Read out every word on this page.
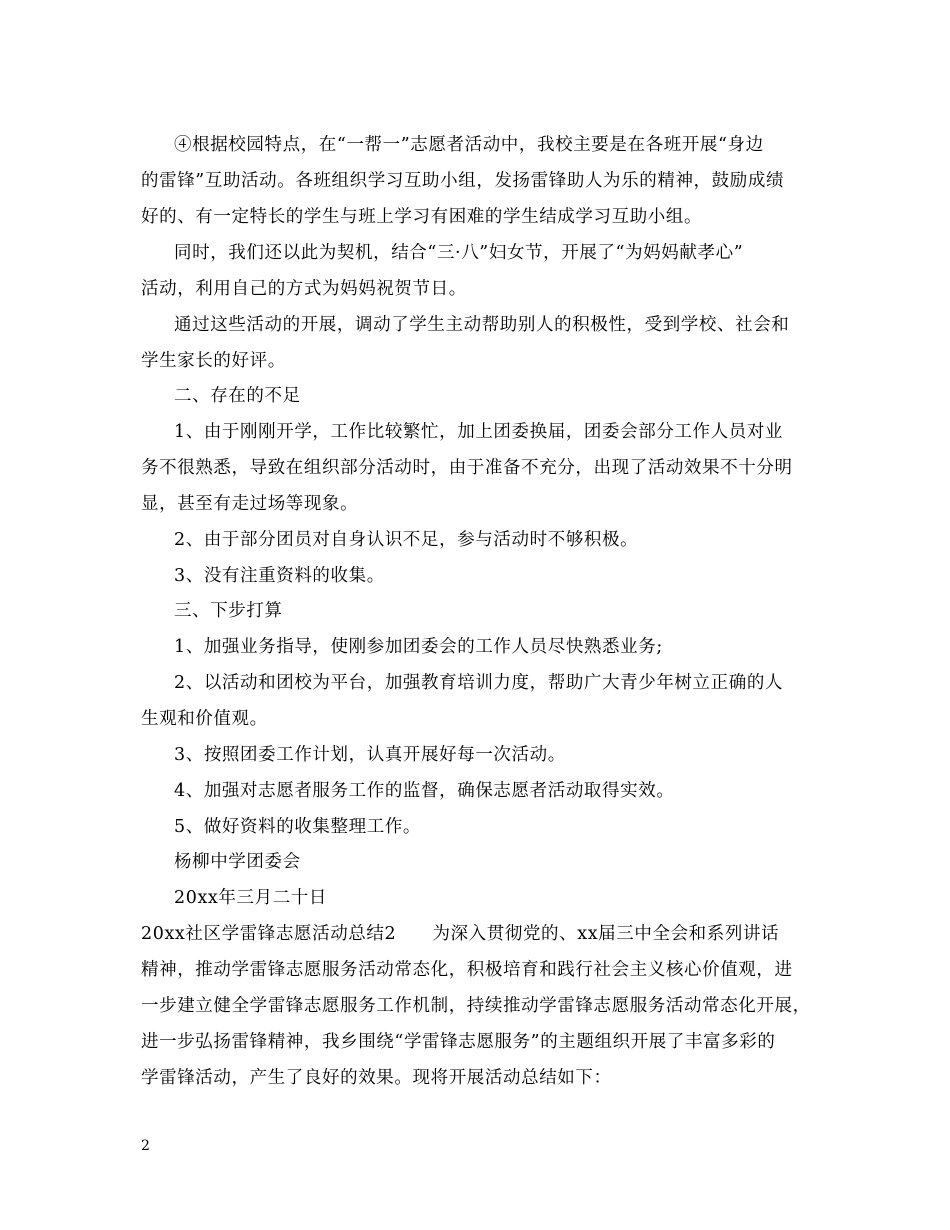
④根据校园特点，在“一帮一”志愿者活动中，我校主要是在各班开展“身边
的雷锋”互助活动。各班组织学习互助小组，发扬雷锋助人为乐的精神，鼓励成绩
好的、有一定特长的学生与班上学习有困难的学生结成学习互助小组。
同时，我们还以此为契机，结合“三·八”妇女节，开展了“为妈妈献孝心”
活动，利用自己的方式为妈妈祝贺节日。
通过这些活动的开展，调动了学生主动帮助别人的积极性，受到学校、社会和
学生家长的好评。
二、存在的不足
1、由于刚刚开学，工作比较繁忙，加上团委换届，团委会部分工作人员对业
务不很熟悉，导致在组织部分活动时，由于准备不充分，出现了活动效果不十分明
显，甚至有走过场等现象。
2、由于部分团员对自身认识不足，参与活动时不够积极。
3、没有注重资料的收集。
三、下步打算
1、加强业务指导，使刚参加团委会的工作人员尽快熟悉业务;
2、以活动和团校为平台，加强教育培训力度，帮助广大青少年树立正确的人
生观和价值观。
3、按照团委工作计划，认真开展好每一次活动。
4、加强对志愿者服务工作的监督，确保志愿者活动取得实效。
5、做好资料的收集整理工作。
杨柳中学团委会
20xx年三月二十日
20xx社区学雷锋志愿活动总结2　　为深入贯彻党的、xx届三中全会和系列讲话
精神，推动学雷锋志愿服务活动常态化，积极培育和践行社会主义核心价值观，进
一步建立健全学雷锋志愿服务工作机制，持续推动学雷锋志愿服务活动常态化开展，
进一步弘扬雷锋精神，我乡围绕“学雷锋志愿服务”的主题组织开展了丰富多彩的
学雷锋活动，产生了良好的效果。现将开展活动总结如下：
2
